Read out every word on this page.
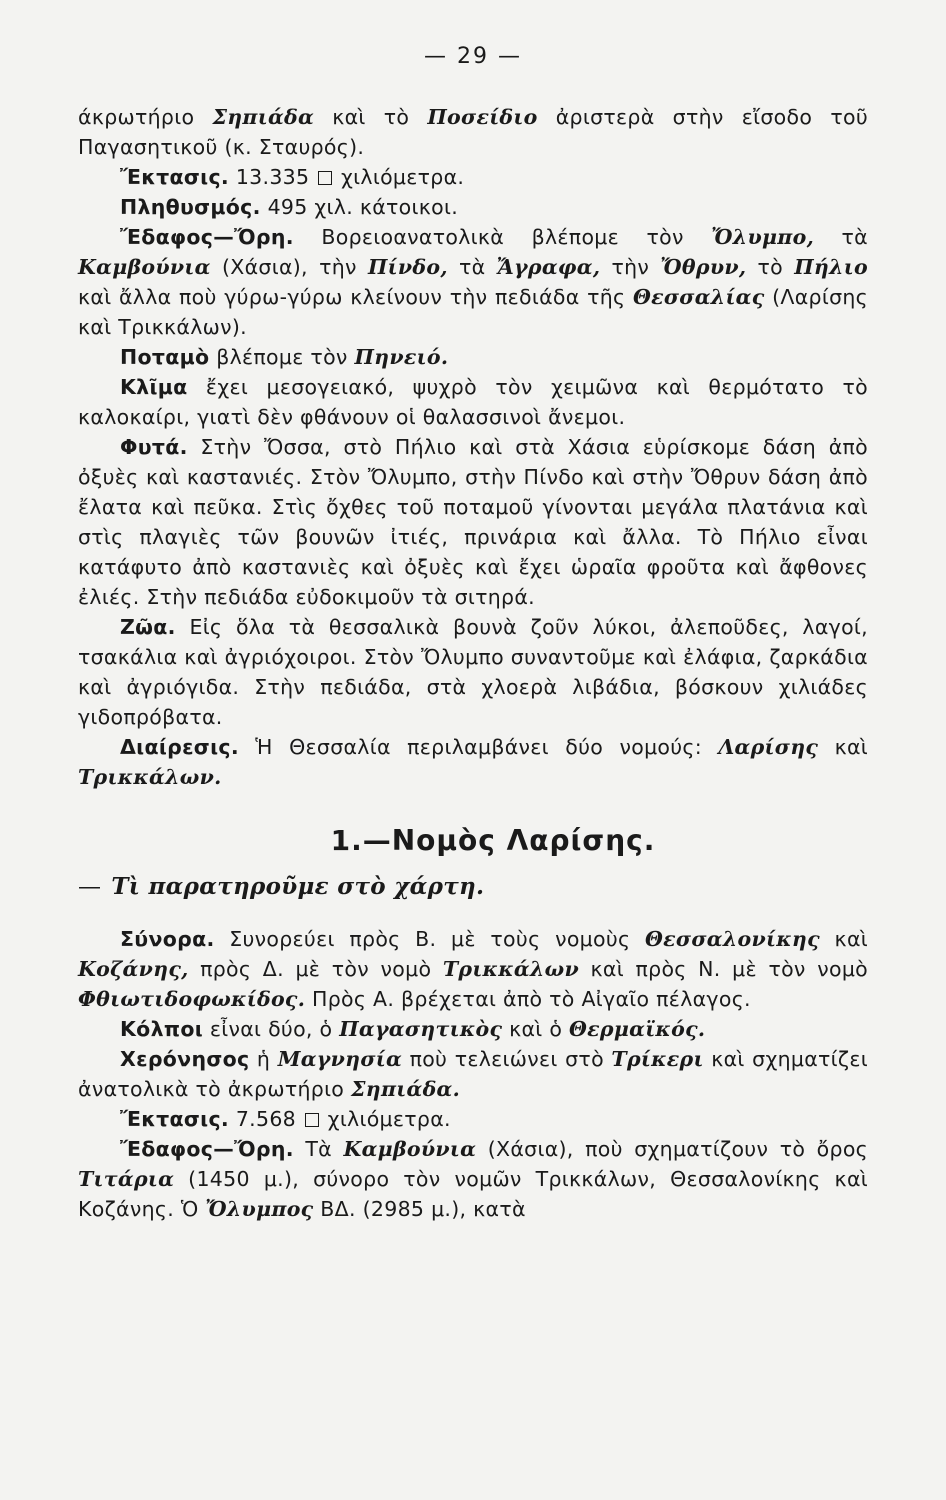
— 29 —

άκρωτήριο Σηπιάδα καὶ τὸ Ποσείδιο ἀριστερὰ στὴν εἴσοδο τοῦ Παγασητικοῦ (κ. Σταυρός).

Ἔκτασις. 13.335 χιλιόμετρα.

Πληθυσμός. 495 χιλ. κάτοικοι.

Ἔδαφος—Ὄρη. Βορειοανατολικὰ βλέπομε τὸν Ὄλυμπο, τὰ Καμβούνια (Χάσια), τὴν Πίνδο, τὰ Ἄγραφα, τὴν Ὄθρυν, τὸ Πήλιο καὶ ἄλλα ποὺ γύρω-γύρω κλείνουν τὴν πεδιάδα τῆς Θεσσαλίας (Λαρίσης καὶ Τρικκάλων).

Ποταμὸ βλέπομε τὸν Πηνειό.

Κλῖμα ἔχει μεσογειακό, ψυχρὸ τὸν χειμῶνα καὶ θερμότατο τὸ καλοκαίρι, γιατὶ δὲν φθάνουν οἱ θαλασσινοὶ ἄνεμοι.

Φυτά. Στὴν Ὄσσα, στὸ Πήλιο καὶ στὰ Χάσια εὑρίσκομε δάση ἀπὸ ὀξυὲς καὶ καστανιές. Στὸν Ὄλυμπο, στὴν Πίνδο καὶ στὴν Ὄθρυν δάση ἀπὸ ἔλατα καὶ πεῦκα. Στὶς ὄχθες τοῦ ποταμοῦ γίνονται μεγάλα πλατάνια καὶ στὶς πλαγιὲς τῶν βουνῶν ἰτιές, πρινάρια καὶ ἄλλα. Τὸ Πήλιο εἶναι κατάφυτο ἀπὸ καστανιὲς καὶ ὀξυὲς καὶ ἔχει ὡραῖα φροῦτα καὶ ἄφθονες ἐλιές. Στὴν πεδιάδα εὐδοκιμοῦν τὰ σιτηρά.

Ζῶα. Εἰς ὅλα τὰ θεσσαλικὰ βουνὰ ζοῦν λύκοι, ἀλεποῦδες, λαγοί, τσακάλια καὶ ἀγριόχοιροι. Στὸν Ὄλυμπο συναντοῦμε καὶ ἐλάφια, ζαρκάδια καὶ ἀγριόγιδα. Στὴν πεδιάδα, στὰ χλοερὰ λιβάδια, βόσκουν χιλιάδες γιδοπρόβατα.

Διαίρεσις. Ἡ Θεσσαλία περιλαμβάνει δύο νομούς: Λαρίσης καὶ Τρικκάλων.

1.—Νομὸς Λαρίσης.

— Τὶ παρατηροῦμε στὸ χάρτη.

Σύνορα. Συνορεύει πρὸς Β. μὲ τοὺς νομοὺς Θεσσαλονίκης καὶ Κοζάνης, πρὸς Δ. μὲ τὸν νομὸ Τρικκάλων καὶ πρὸς Ν. μὲ τὸν νομὸ Φθιωτιδοφωκίδος. Πρὸς Α. βρέχεται ἀπὸ τὸ Αἰγαῖο πέλαγος.

Κόλποι εἶναι δύο, ὁ Παγασητικὸς καὶ ὁ Θερμαϊκός.

Χερόνησος ἡ Μαγνησία ποὺ τελειώνει στὸ Τρίκερι καὶ σχηματίζει ἀνατολικὰ τὸ ἀκρωτήριο Σηπιάδα.

Ἔκτασις. 7.568 χιλιόμετρα.

Ἔδαφος—Ὄρη. Τὰ Καμβούνια (Χάσια), ποὺ σχηματίζουν τὸ ὄρος Τιτάρια (1450 μ.), σύνορο τὸν νομῶν Τρικκάλων, Θεσσαλονίκης καὶ Κοζάνης. Ὁ Ὄλυμπος ΒΔ. (2985 μ.), κατὰ
